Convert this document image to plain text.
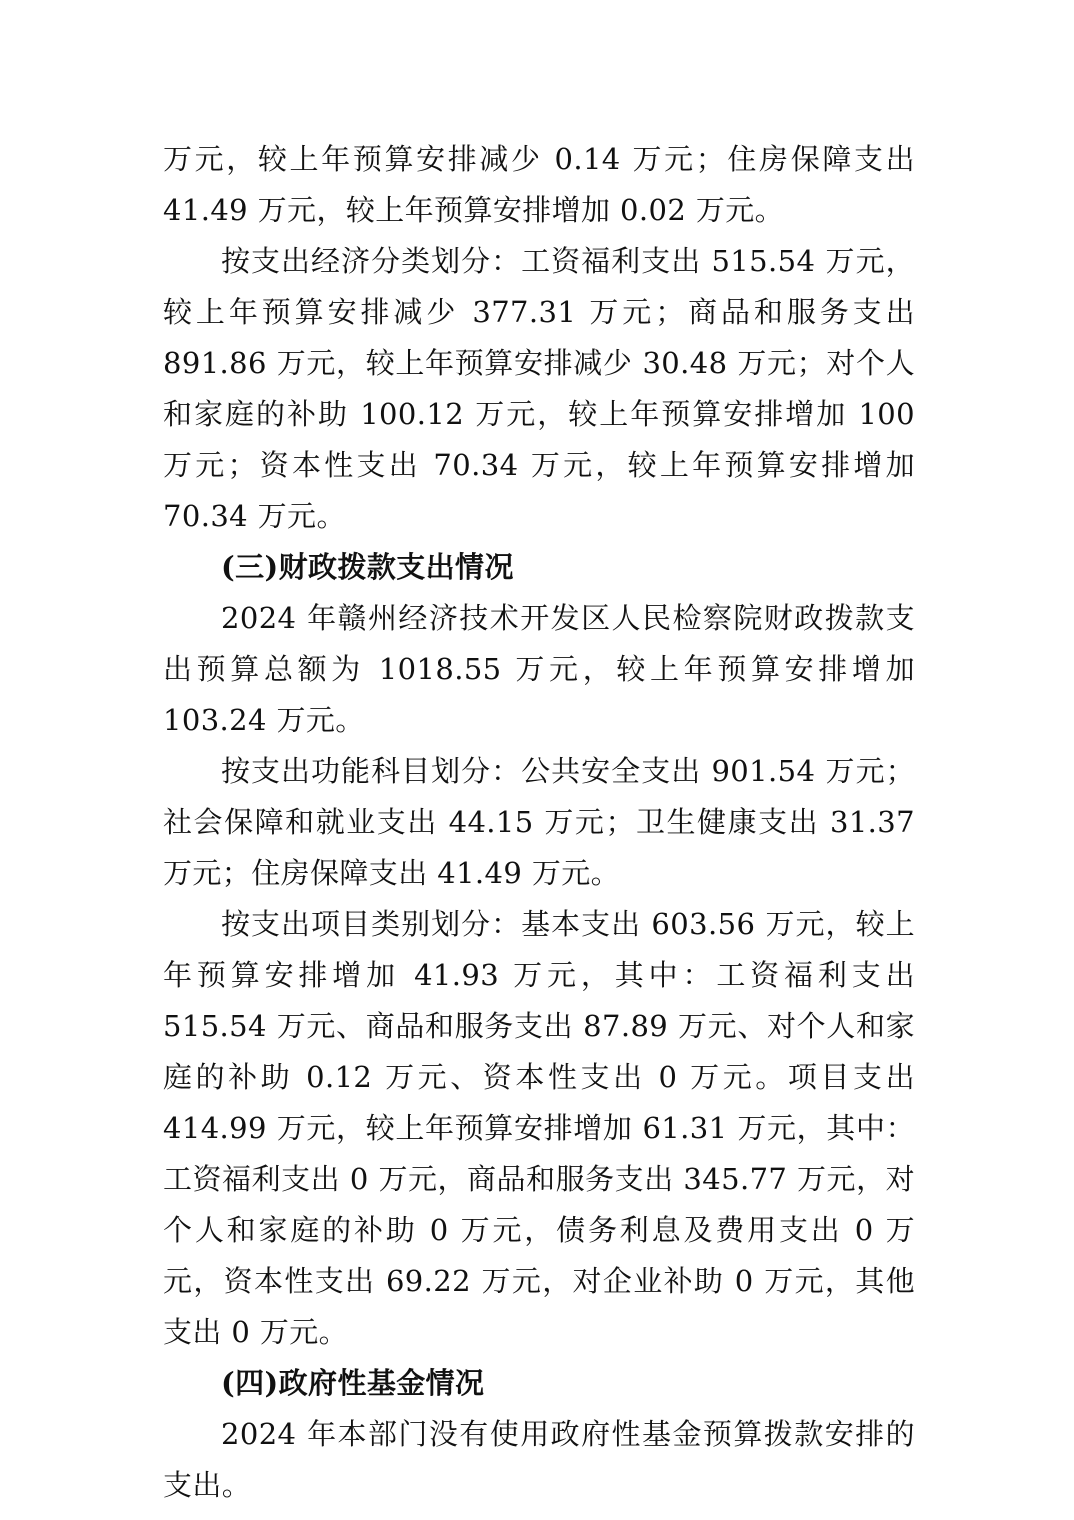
万元，较上年预算安排减少 0.14 万元；住房保障支出 41.49 万元，较上年预算安排增加 0.02 万元。

按支出经济分类划分：工资福利支出 515.54 万元，较上年预算安排减少 377.31 万元；商品和服务支出 891.86 万元，较上年预算安排减少 30.48 万元；对个人和家庭的补助 100.12 万元，较上年预算安排增加 100 万元；资本性支出 70.34 万元，较上年预算安排增加 70.34 万元。

(三)财政拨款支出情况

2024 年赣州经济技术开发区人民检察院财政拨款支出预算总额为 1018.55 万元，较上年预算安排增加 103.24 万元。

按支出功能科目划分：公共安全支出 901.54 万元；社会保障和就业支出 44.15 万元；卫生健康支出 31.37 万元；住房保障支出 41.49 万元。

按支出项目类别划分：基本支出 603.56 万元，较上年预算安排增加 41.93 万元，其中：工资福利支出 515.54 万元、商品和服务支出 87.89 万元、对个人和家庭的补助 0.12 万元、资本性支出 0 万元。项目支出 414.99 万元，较上年预算安排增加 61.31 万元，其中：工资福利支出 0 万元，商品和服务支出 345.77 万元，对个人和家庭的补助 0 万元，债务利息及费用支出 0 万元，资本性支出 69.22 万元，对企业补助 0 万元，其他支出 0 万元。

(四)政府性基金情况

2024 年本部门没有使用政府性基金预算拨款安排的支出。
